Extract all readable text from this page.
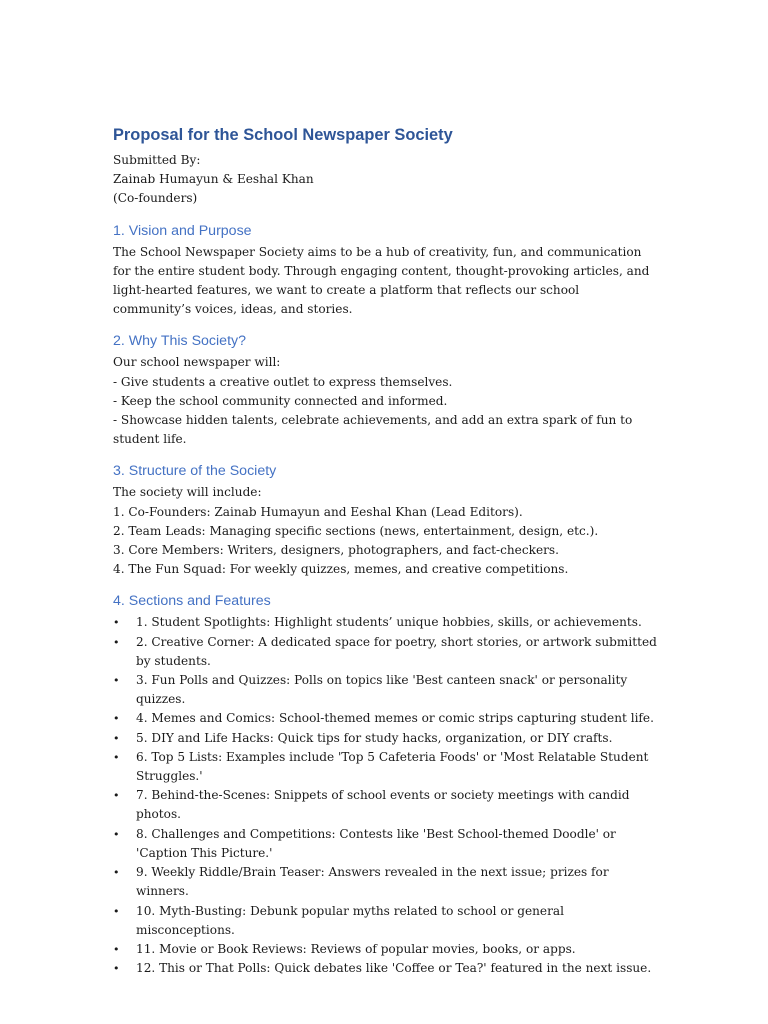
Proposal for the School Newspaper Society
Submitted By:
Zainab Humayun & Eeshal Khan
(Co-founders)
1. Vision and Purpose

The School Newspaper Society aims to be a hub of creativity, fun, and communication for the entire student body. Through engaging content, thought-provoking articles, and light-hearted features, we want to create a platform that reflects our school community’s voices, ideas, and stories.

2. Why This Society?
Our school newspaper will:
- Give students a creative outlet to express themselves.
- Keep the school community connected and informed.
- Showcase hidden talents, celebrate achievements, and add an extra spark of fun to student life.
3. Structure of the Society
The society will include:
1. Co-Founders: Zainab Humayun and Eeshal Khan (Lead Editors).
2. Team Leads: Managing specific sections (news, entertainment, design, etc.).
3. Core Members: Writers, designers, photographers, and fact-checkers.
4. The Fun Squad: For weekly quizzes, memes, and creative competitions.
4. Sections and Features
• 1. Student Spotlights: Highlight students’ unique hobbies, skills, or achievements.
• 2. Creative Corner: A dedicated space for poetry, short stories, or artwork submitted by students.
• 3. Fun Polls and Quizzes: Polls on topics like 'Best canteen snack' or personality quizzes.
• 4. Memes and Comics: School-themed memes or comic strips capturing student life.
• 5. DIY and Life Hacks: Quick tips for study hacks, organization, or DIY crafts.
• 6. Top 5 Lists: Examples include 'Top 5 Cafeteria Foods' or 'Most Relatable Student Struggles.'
• 7. Behind-the-Scenes: Snippets of school events or society meetings with candid photos.
• 8. Challenges and Competitions: Contests like 'Best School-themed Doodle' or 'Caption This Picture.'
• 9. Weekly Riddle/Brain Teaser: Answers revealed in the next issue; prizes for winners.
• 10. Myth-Busting: Debunk popular myths related to school or general misconceptions.
• 11. Movie or Book Reviews: Reviews of popular movies, books, or apps.
• 12. This or That Polls: Quick debates like 'Coffee or Tea?' featured in the next issue.
